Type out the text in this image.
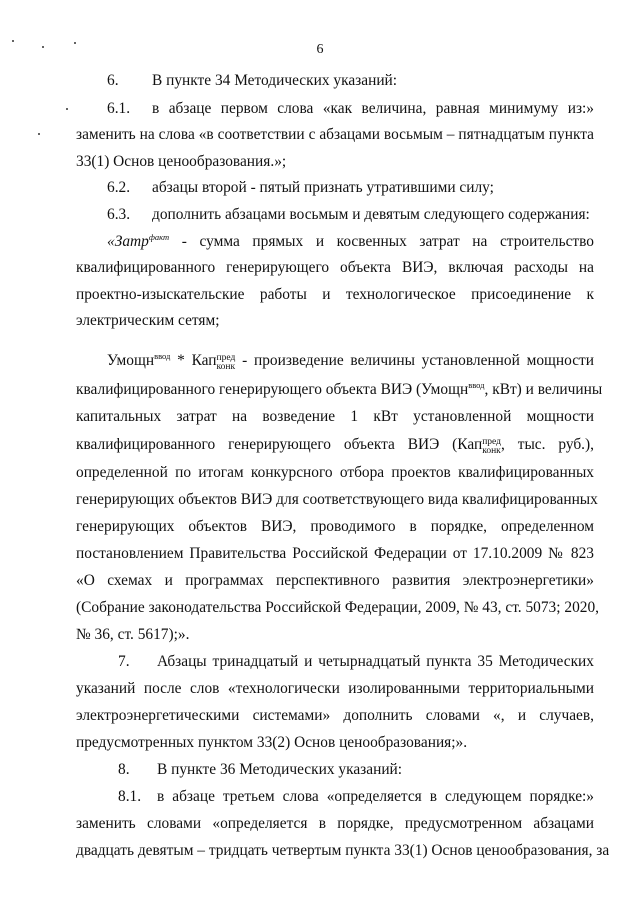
6
6. В пункте 34 Методических указаний:
6.1. в абзаце первом слова «как величина, равная минимуму из:»
заменить на слова «в соответствии с абзацами восьмым – пятнадцатым пункта
33(1) Основ ценообразования.»;
6.2. абзацы второй - пятый признать утратившими силу;
6.3. дополнить абзацами восьмым и девятым следующего содержания:
«Затр$^{факт}$ - сумма прямых и косвенных затрат на строительство
квалифицированного генерирующего объекта ВИЭ, включая расходы на
проектно-изыскательские работы и технологическое присоединение к
электрическим сетям;
Умощн$^{ввод}$ * Кап пред
конк - произведение величины установленной мощности
квалифицированного генерирующего объекта ВИЭ (Умощн$^{ввод}$, кВт) и величины
капитальных затрат на возведение 1 кВт установленной мощности
квалифицированного генерирующего объекта ВИЭ (Кап пред
конк , тыс. руб.),
определенной по итогам конкурсного отбора проектов квалифицированных
генерирующих объектов ВИЭ для соответствующего вида квалифицированных
генерирующих объектов ВИЭ, проводимого в порядке, определенном
постановлением Правительства Российской Федерации от 17.10.2009 № 823
«О схемах и программах перспективного развития электроэнергетики»
(Собрание законодательства Российской Федерации, 2009, № 43, ст. 5073; 2020,
№ 36, ст. 5617);».
7. Абзацы тринадцатый и четырнадцатый пункта 35 Методических
указаний после слов «технологически изолированными территориальными
электроэнергетическими системами» дополнить словами «, и случаев,
предусмотренных пунктом 33(2) Основ ценообразования;».
8. В пункте 36 Методических указаний:
8.1. в абзаце третьем слова «определяется в следующем порядке:»
заменить словами «определяется в порядке, предусмотренном абзацами
двадцать девятым – тридцать четвертым пункта 33(1) Основ ценообразования, за
